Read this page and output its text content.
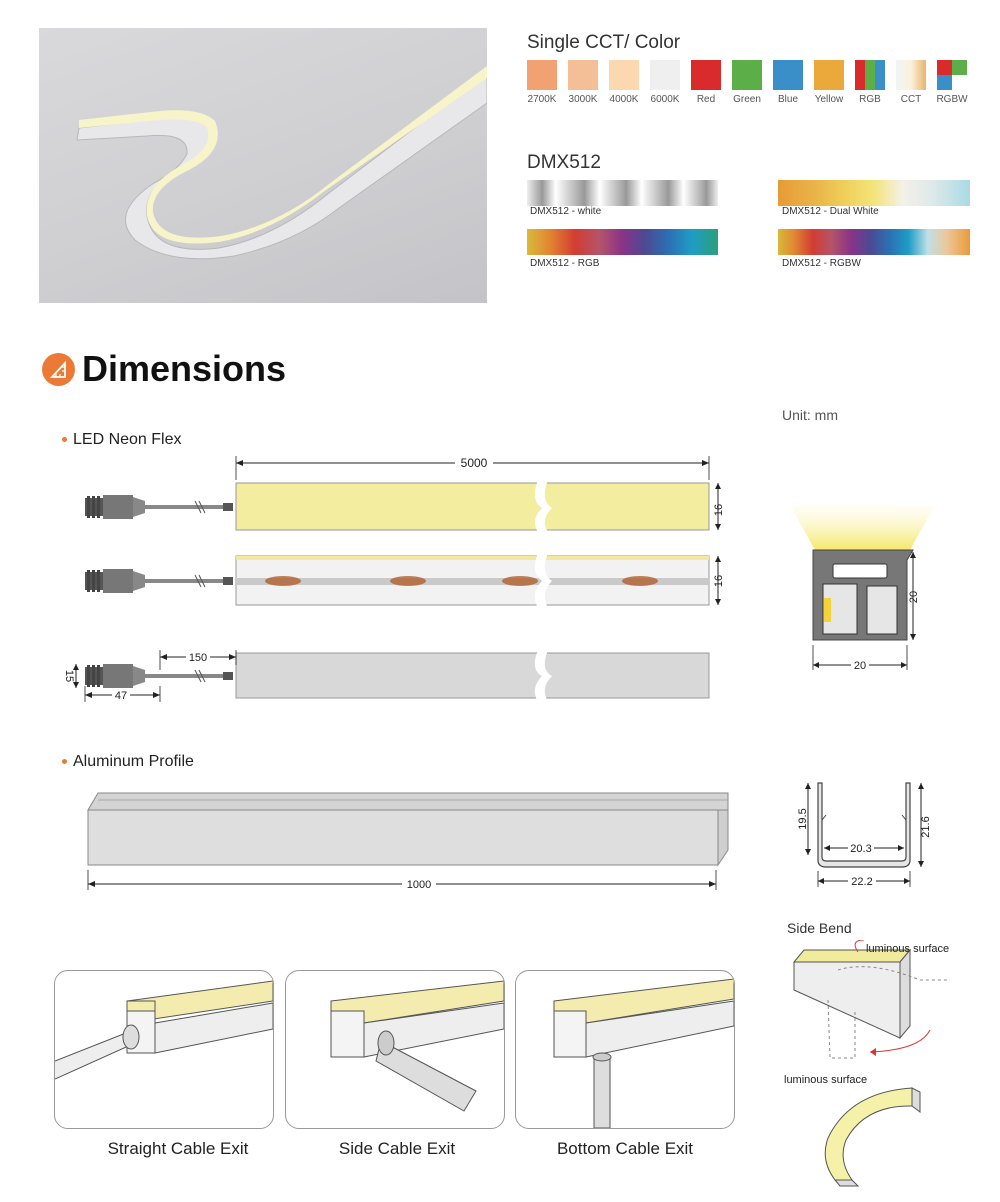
Single CCT/ Color
2700K	3000K	4000K	6000K	Red	Green	Blue	Yellow	RGB	CCT	RGBW
DMX512
DMX512 - white	DMX512 - Dual White
DMX512 - RGB	DMX512 - RGBW
Dimensions
Unit: mm
LED Neon Flex
5000
16
16
150
47
15
20
20
Aluminum Profile
1000
19.5	21.6
20.3
22.2
Side Bend
luminous surface
luminous surface
Straight Cable Exit	Side Cable Exit	Bottom Cable Exit
